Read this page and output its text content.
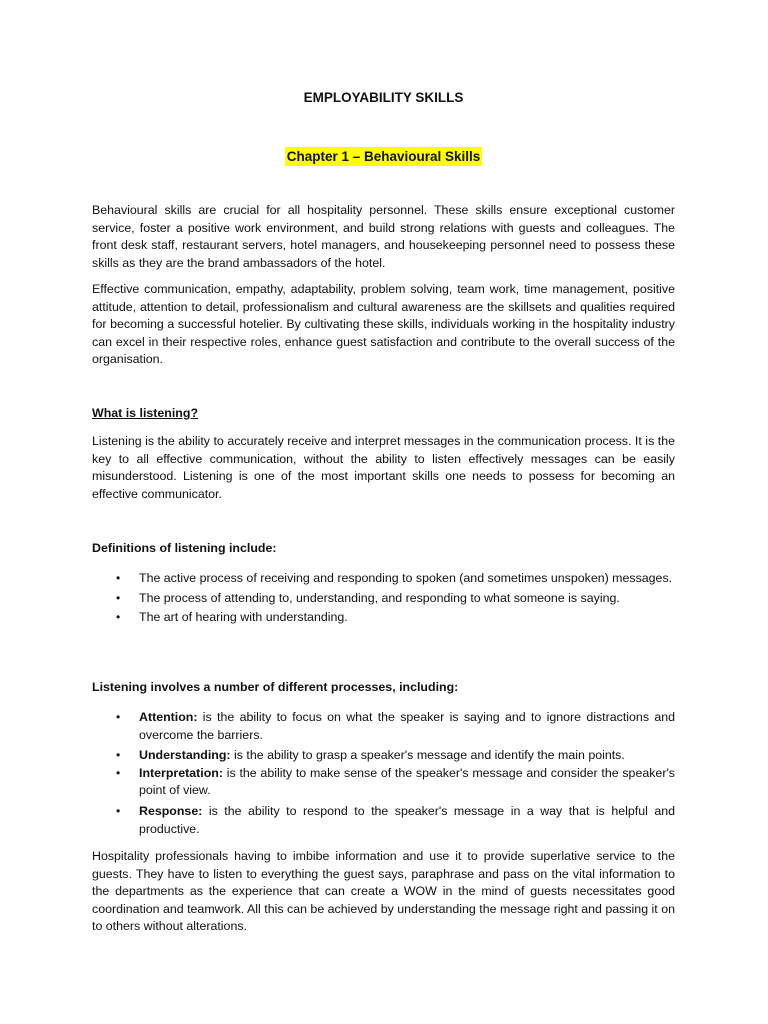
EMPLOYABILITY SKILLS
Chapter 1 – Behavioural Skills

Behavioural skills are crucial for all hospitality personnel. These skills ensure exceptional customer service, foster a positive work environment, and build strong relations with guests and colleagues. The front desk staff, restaurant servers, hotel managers, and housekeeping personnel need to possess these skills as they are the brand ambassadors of the hotel.

Effective communication, empathy, adaptability, problem solving, team work, time management, positive attitude, attention to detail, professionalism and cultural awareness are the skillsets and qualities required for becoming a successful hotelier. By cultivating these skills, individuals working in the hospitality industry can excel in their respective roles, enhance guest satisfaction and contribute to the overall success of the organisation.

What is listening?

Listening is the ability to accurately receive and interpret messages in the communication process. It is the key to all effective communication, without the ability to listen effectively messages can be easily misunderstood. Listening is one of the most important skills one needs to possess for becoming an effective communicator.

Definitions of listening include:
• The active process of receiving and responding to spoken (and sometimes unspoken) messages.
• The process of attending to, understanding, and responding to what someone is saying.
• The art of hearing with understanding.
Listening involves a number of different processes, including:
• Attention: is the ability to focus on what the speaker is saying and to ignore distractions and overcome the barriers.
• Understanding: is the ability to grasp a speaker's message and identify the main points.
• Interpretation: is the ability to make sense of the speaker's message and consider the speaker's point of view.
• Response: is the ability to respond to the speaker's message in a way that is helpful and productive.

Hospitality professionals having to imbibe information and use it to provide superlative service to the guests. They have to listen to everything the guest says, paraphrase and pass on the vital information to the departments as the experience that can create a WOW in the mind of guests necessitates good coordination and teamwork. All this can be achieved by understanding the message right and passing it on to others without alterations.
